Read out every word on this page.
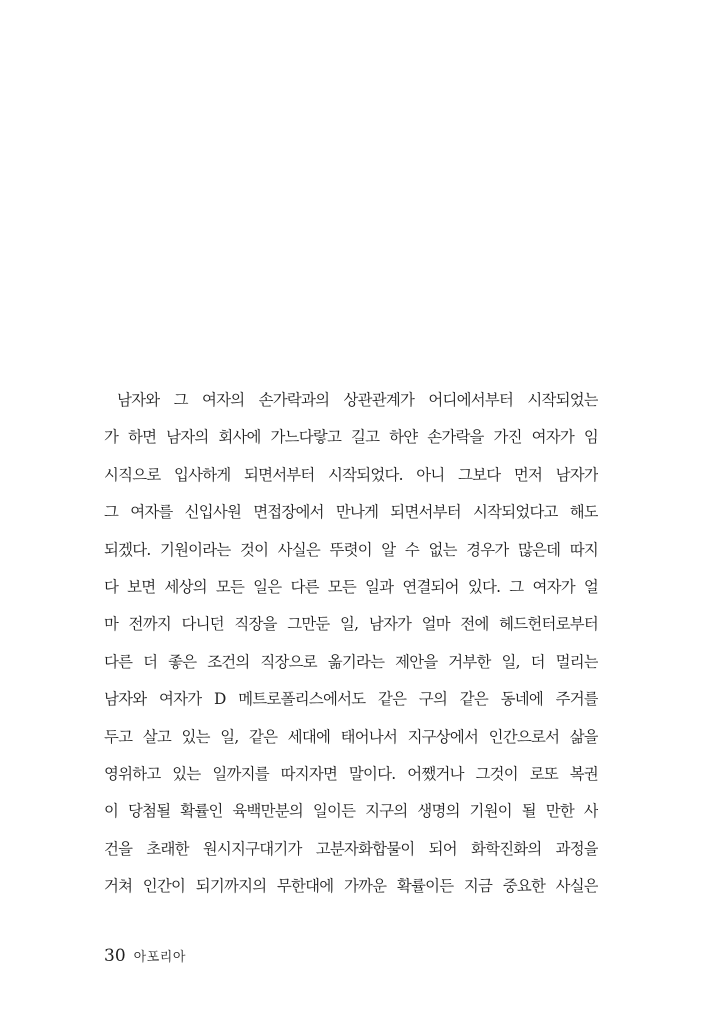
남자와 그 여자의 손가락과의 상관관계가 어디에서부터 시작되었는
가 하면 남자의 회사에 가느다랗고 길고 하얀 손가락을 가진 여자가 임
시직으로 입사하게 되면서부터 시작되었다. 아니 그보다 먼저 남자가
그 여자를 신입사원 면접장에서 만나게 되면서부터 시작되었다고 해도
되겠다. 기원이라는 것이 사실은 뚜렷이 알 수 없는 경우가 많은데 따지
다 보면 세상의 모든 일은 다른 모든 일과 연결되어 있다. 그 여자가 얼
마 전까지 다니던 직장을 그만둔 일, 남자가 얼마 전에 헤드헌터로부터
다른 더 좋은 조건의 직장으로 옮기라는 제안을 거부한 일, 더 멀리는
남자와 여자가 D 메트로폴리스에서도 같은 구의 같은 동네에 주거를
두고 살고 있는 일, 같은 세대에 태어나서 지구상에서 인간으로서 삶을
영위하고 있는 일까지를 따지자면 말이다. 어쨌거나 그것이 로또 복권
이 당첨될 확률인 육백만분의 일이든 지구의 생명의 기원이 될 만한 사
건을 초래한 원시지구대기가 고분자화합물이 되어 화학진화의 과정을
거쳐 인간이 되기까지의 무한대에 가까운 확률이든 지금 중요한 사실은
30 아포리아
